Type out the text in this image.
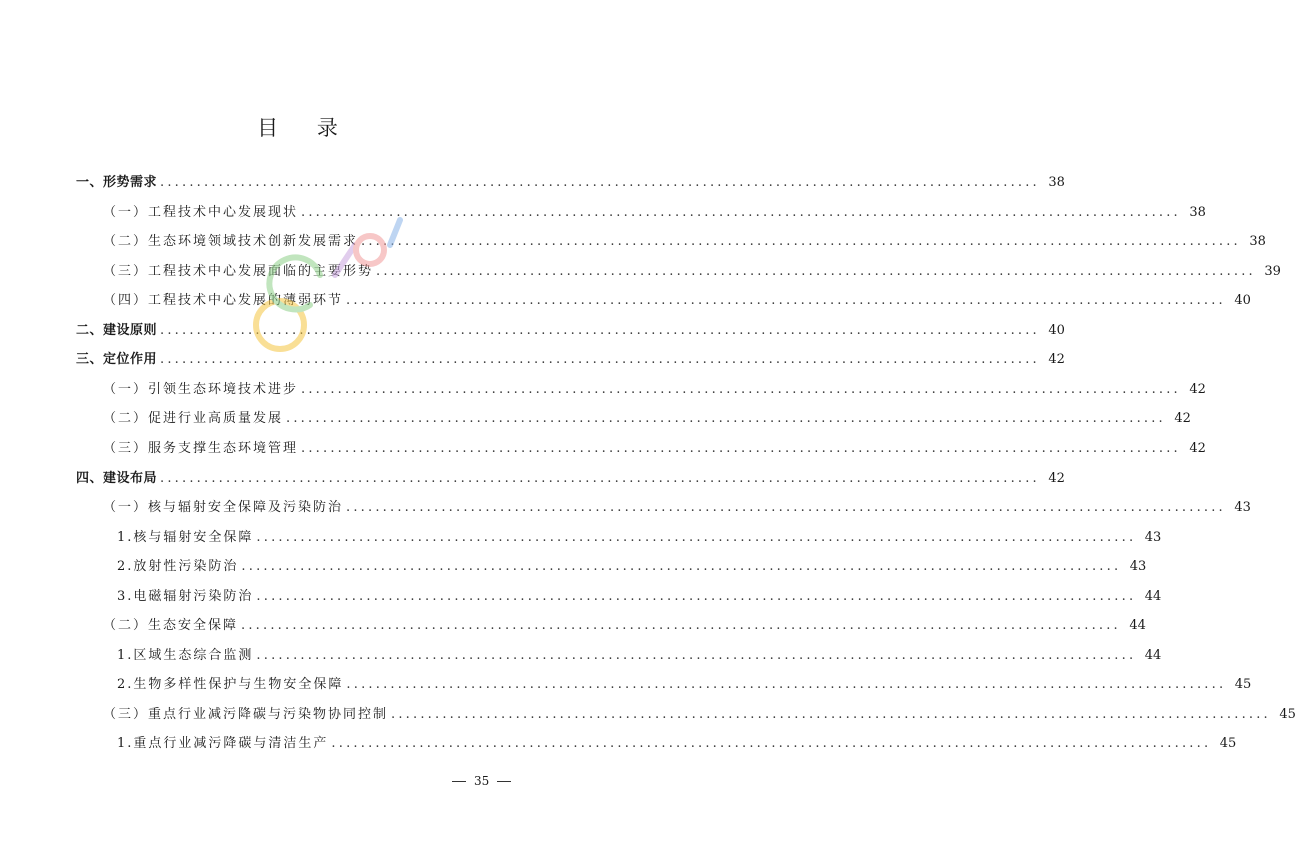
目 录
一、形势需求 ........................................................................................................................ 38
（一）工程技术中心发展现状 ........................................................................................................................ 38
（二）生态环境领域技术创新发展需求 ........................................................................................................................ 38
（三）工程技术中心发展面临的主要形势 ........................................................................................................................ 39
（四）工程技术中心发展的薄弱环节 ........................................................................................................................ 40
二、建设原则 ........................................................................................................................ 40
三、定位作用 ........................................................................................................................ 42
（一）引领生态环境技术进步 ........................................................................................................................ 42
（二）促进行业高质量发展 ........................................................................................................................ 42
（三）服务支撑生态环境管理 ........................................................................................................................ 42
四、建设布局 ........................................................................................................................ 42
（一）核与辐射安全保障及污染防治 ........................................................................................................................ 43
1.核与辐射安全保障 ........................................................................................................................ 43
2.放射性污染防治 ........................................................................................................................ 43
3.电磁辐射污染防治 ........................................................................................................................ 44
（二）生态安全保障 ........................................................................................................................ 44
1.区域生态综合监测 ........................................................................................................................ 44
2.生物多样性保护与生物安全保障 ........................................................................................................................ 45
（三）重点行业减污降碳与污染物协同控制 ........................................................................................................................ 45
1.重点行业减污降碳与清洁生产 ........................................................................................................................ 45
35
